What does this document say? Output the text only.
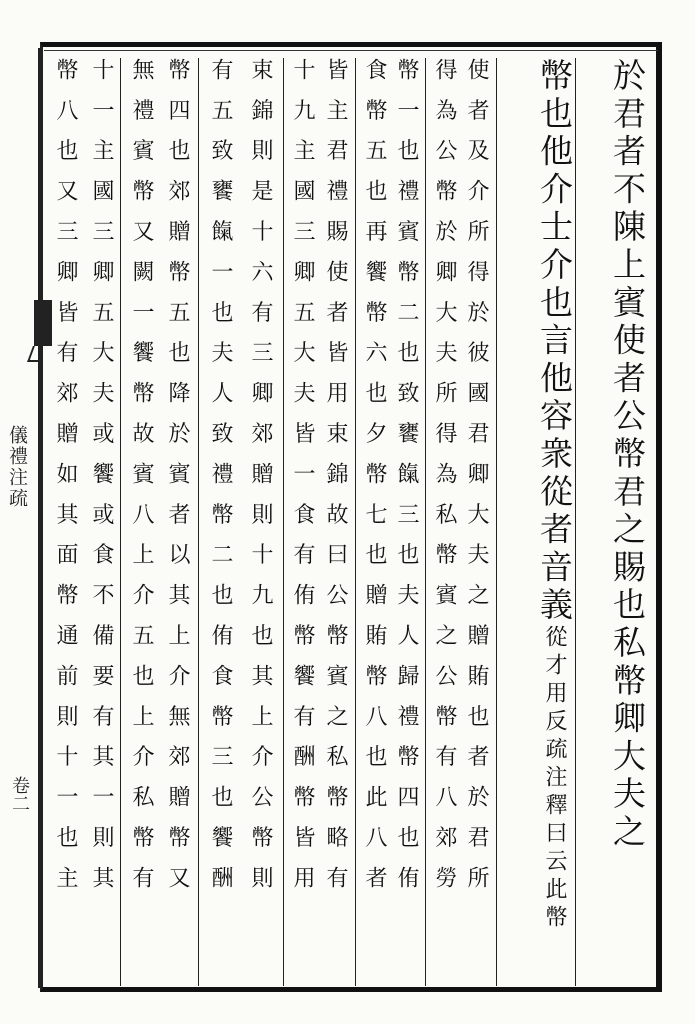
儀禮注疏
卷二	於君者不陳上賓使者公幣君之賜也私幣卿大夫之
幣也他介士介也言他容衆從者音義從才用反疏注釋曰云此幣
使者及介所得於彼國君卿大夫之贈賄也者於君所
得為公幣於卿大夫所得為私幣賓之公幣有八郊勞
幣一也禮賓幣二也致饔餼三也夫人歸禮幣四也侑
食幣五也再饗幣六也夕幣七也贈賄幣八也此八者
皆主君禮賜使者皆用束錦故曰公幣賓之私幣略有
十九主國三卿五大夫皆一食有侑幣饗有酬幣皆用
束錦則是十六有三卿郊贈則十九也其上介公幣則
有五致饔餼一也夫人致禮幣二也侑食幣三也饗酬
幣四也郊贈幣五也降於賓者以其上介無郊贈幣又
無禮賓幣又闕一饗幣故賓八上介五也上介私幣有
十一主國三卿五大夫或饗或食不備要有其一則其
幣八也又三卿皆有郊贈如其面幣通前則十一也主
